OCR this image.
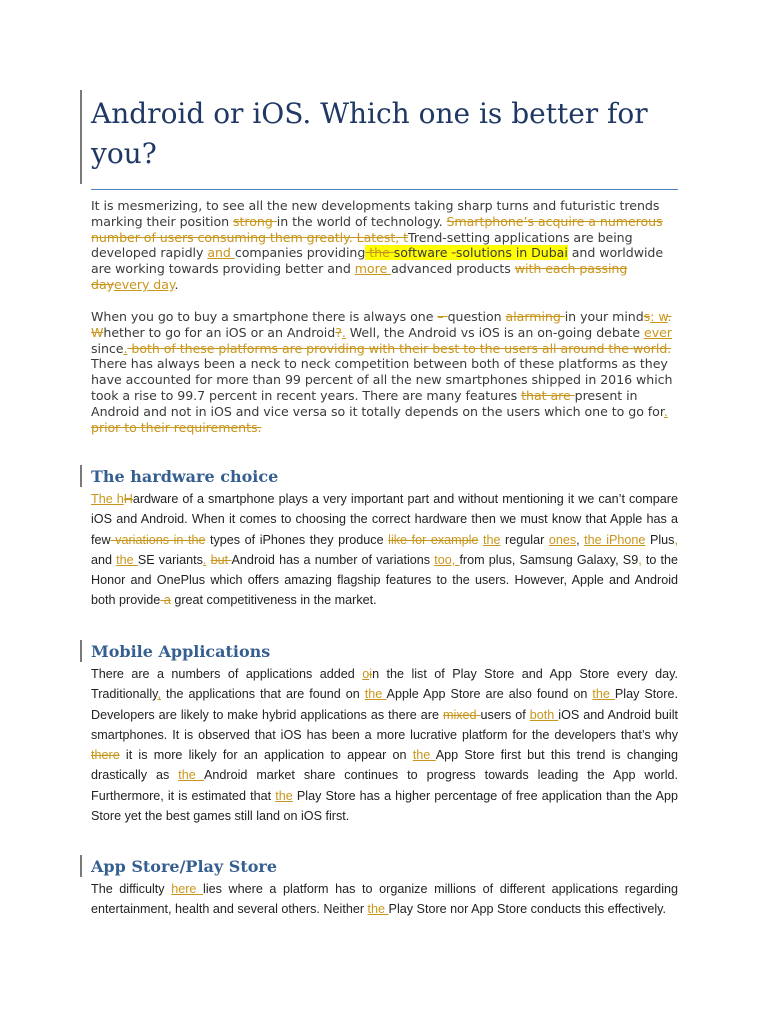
Android or iOS. Which one is better for you?

It is mesmerizing, to see all the new developments taking sharp turns and futuristic trends marking their position strong in the world of technology. Smartphone’s acquire a numerous number of users consuming them greatly. Latest, tTrend-setting applications are being developed rapidly and companies providing the software -solutions in Dubai and worldwide are working towards providing better and more advanced products with each passing dayevery day.

When you go to buy a smartphone there is always one – question alarming in your minds: w. Whether to go for an iOS or an Android?. Well, the Android vs iOS is an on-going debate ever since. both of these platforms are providing with their best to the users all around the world. There has always been a neck to neck competition between both of these platforms as they have accounted for more than 99 percent of all the new smartphones shipped in 2016 which took a rise to 99.7 percent in recent years. There are many features that are present in Android and not in iOS and vice versa so it totally depends on the users which one to go for. prior to their requirements.

The hardware choice

The hHardware of a smartphone plays a very important part and without mentioning it we can’t compare iOS and Android. When it comes to choosing the correct hardware then we must know that Apple has a few variations in the types of iPhones they produce like for example the regular ones, the iPhone Plus, and the SE variants. but Android has a number of variations too, from plus, Samsung Galaxy, S9, to the Honor and OnePlus which offers amazing flagship features to the users. However, Apple and Android both provide a great competitiveness in the market.

Mobile Applications

There are a numbers of applications added oin the list of Play Store and App Store every day. Traditionally, the applications that are found on the Apple App Store are also found on the Play Store. Developers are likely to make hybrid applications as there are mixed users of both iOS and Android built smartphones. It is observed that iOS has been a more lucrative platform for the developers that’s why there it is more likely for an application to appear on the App Store first but this trend is changing drastically as the Android market share continues to progress towards leading the App world. Furthermore, it is estimated that the Play Store has a higher percentage of free application than the App Store yet the best games still land on iOS first.

App Store/Play Store

The difficulty here lies where a platform has to organize millions of different applications regarding entertainment, health and several others. Neither the Play Store nor App Store conducts this effectively.
